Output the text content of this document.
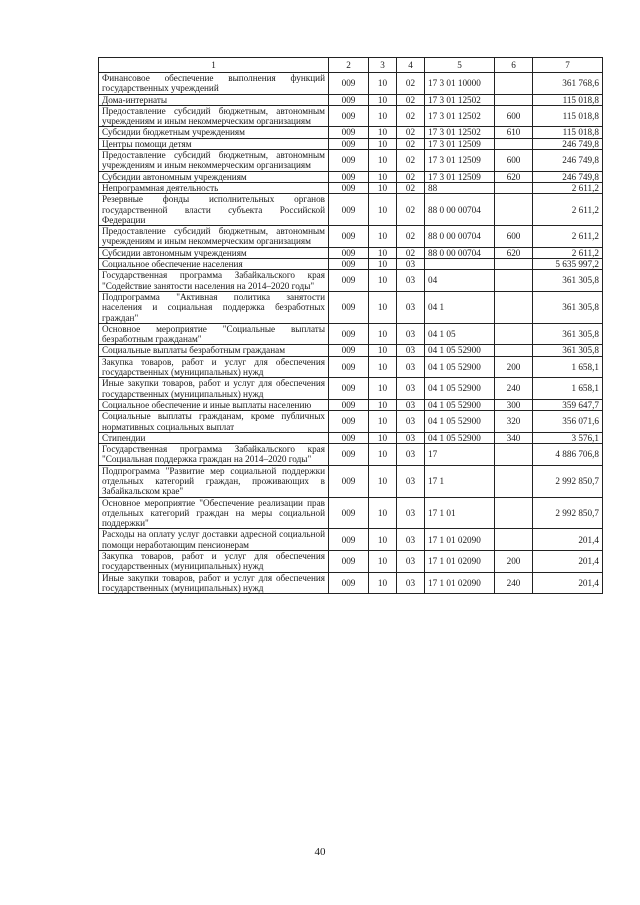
1	2	3	4	5	6	7
Финансовое обеспечение выполнения функций государственных учреждений	009	10	02	17 3 01 10000		361 768,6
Дома-интернаты	009	10	02	17 3 01 12502		115 018,8
Предоставление субсидий бюджетным, автономным учреждениям и иным некоммерческим организациям	009	10	02	17 3 01 12502	600	115 018,8
Субсидии бюджетным учреждениям	009	10	02	17 3 01 12502	610	115 018,8
Центры помощи детям	009	10	02	17 3 01 12509		246 749,8
Предоставление субсидий бюджетным, автономным учреждениям и иным некоммерческим организациям	009	10	02	17 3 01 12509	600	246 749,8
Субсидии автономным учреждениям	009	10	02	17 3 01 12509	620	246 749,8
Непрограммная деятельность	009	10	02	88		2 611,2
Резервные фонды исполнительных органов государственной власти субъекта Российской Федерации	009	10	02	88 0 00 00704		2 611,2
Предоставление субсидий бюджетным, автономным учреждениям и иным некоммерческим организациям	009	10	02	88 0 00 00704	600	2 611,2
Субсидии автономным учреждениям	009	10	02	88 0 00 00704	620	2 611,2
Социальное обеспечение населения	009	10	03			5 635 997,2
Государственная программа Забайкальского края "Содействие занятости населения на 2014–2020 годы"	009	10	03	04		361 305,8
Подпрограмма "Активная политика занятости населения и социальная поддержка безработных граждан"	009	10	03	04 1		361 305,8
Основное мероприятие "Социальные выплаты безработным гражданам"	009	10	03	04 1 05		361 305,8
Социальные выплаты безработным гражданам	009	10	03	04 1 05 52900		361 305,8
Закупка товаров, работ и услуг для обеспечения государственных (муниципальных) нужд	009	10	03	04 1 05 52900	200	1 658,1
Иные закупки товаров, работ и услуг для обеспечения государственных (муниципальных) нужд	009	10	03	04 1 05 52900	240	1 658,1
Социальное обеспечение и иные выплаты населению	009	10	03	04 1 05 52900	300	359 647,7
Социальные выплаты гражданам, кроме публичных нормативных социальных выплат	009	10	03	04 1 05 52900	320	356 071,6
Стипендии	009	10	03	04 1 05 52900	340	3 576,1
Государственная программа Забайкальского края "Социальная поддержка граждан на 2014–2020 годы"	009	10	03	17		4 886 706,8
Подпрограмма "Развитие мер социальной поддержки отдельных категорий граждан, проживающих в Забайкальском крае"	009	10	03	17 1		2 992 850,7
Основное мероприятие "Обеспечение реализации прав отдельных категорий граждан на меры социальной поддержки"	009	10	03	17 1 01		2 992 850,7
Расходы на оплату услуг доставки адресной социальной помощи неработающим пенсионерам	009	10	03	17 1 01 02090		201,4
Закупка товаров, работ и услуг для обеспечения государственных (муниципальных) нужд	009	10	03	17 1 01 02090	200	201,4
Иные закупки товаров, работ и услуг для обеспечения государственных (муниципальных) нужд	009	10	03	17 1 01 02090	240	201,4
40
